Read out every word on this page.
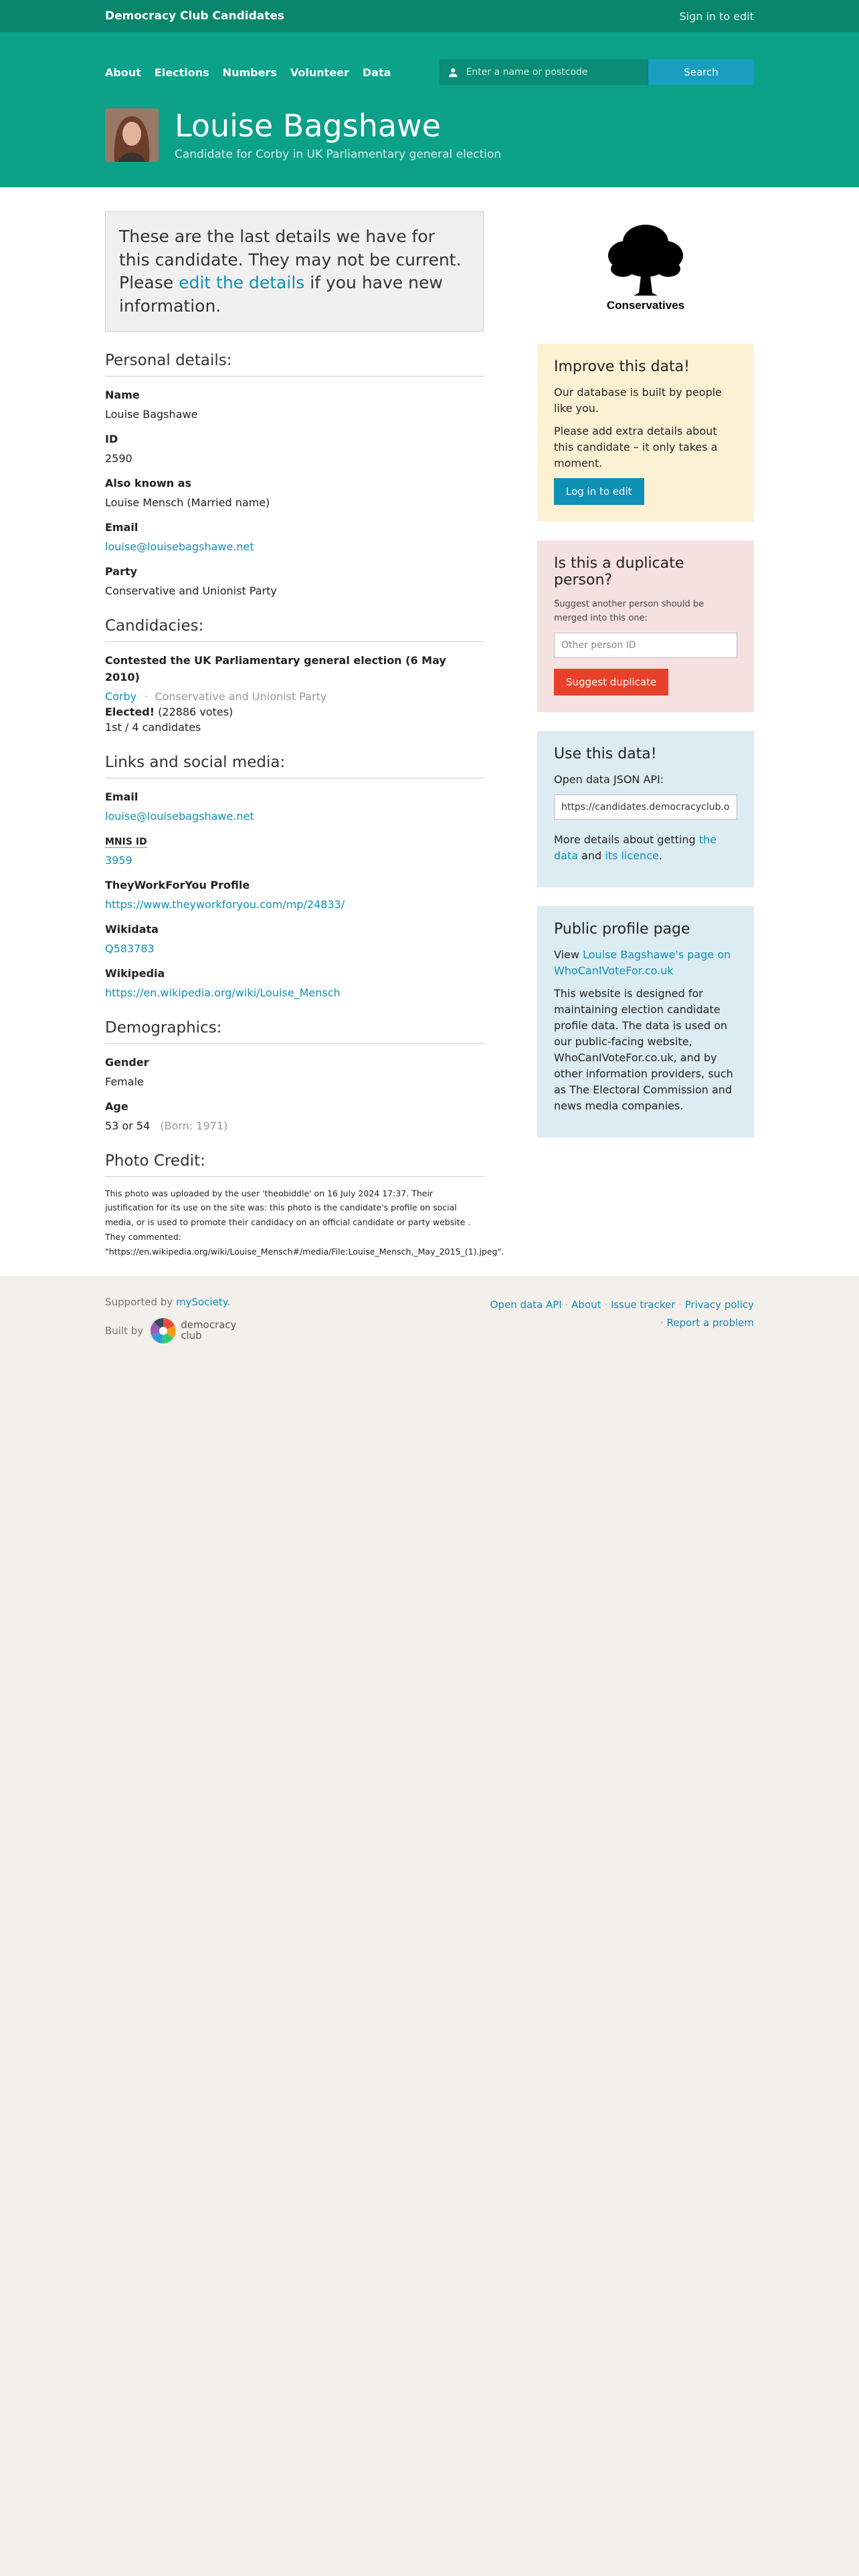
Democracy Club Candidates	Sign in to edit
About Elections Numbers Volunteer Data
Enter a name or postcode	Search
Louise Bagshawe
Candidate for Corby in UK Parliamentary general election
These are the last details we have for this candidate. They may not be current. Please edit the details if you have new information.
Personal details:
Name
Louise Bagshawe
ID
2590
Also known as
Louise Mensch (Married name)
Email
louise@louisebagshawe.net
Party
Conservative and Unionist Party
Candidacies:
Contested the UK Parliamentary general election (6 May 2010)
Corby · Conservative and Unionist Party
Elected! (22886 votes)
1st / 4 candidates
Links and social media:
Email
louise@louisebagshawe.net
MNIS ID
3959
TheyWorkForYou Profile
https://www.theyworkforyou.com/mp/24833/
Wikidata
Q583783
Wikipedia
https://en.wikipedia.org/wiki/Louise_Mensch
Demographics:
Gender
Female
Age
53 or 54 (Born: 1971)
Photo Credit:
This photo was uploaded by the user 'theobiddle' on 16 July 2024 17:37. Their justification for its use on the site was: this photo is the candidate's profile on social media, or is used to promote their candidacy on an official candidate or party website . They commented: "https://en.wikipedia.org/wiki/Louise_Mensch#/media/File:Louise_Mensch,_May_2015_(1).jpeg".
Conservatives
Improve this data!

Our database is built by people like you.

Please add extra details about this candidate – it only takes a moment.

Log in to edit
Is this a duplicate person?
Suggest another person should be merged into this one:
Other person ID Suggest duplicate
Use this data!

Open data JSON API:

https://candidates.democracyclub.org.uk/api/next/people/2590/

More details about getting the data and its licence.

Public profile page

View Louise Bagshawe's page on WhoCanIVoteFor.co.uk

This website is designed for maintaining election candidate profile data. The data is used on our public-facing website, WhoCanIVoteFor.co.uk, and by other information providers, such as The Electoral Commission and news media companies.

Supported by mySociety.
Built by	democracy
club
Open data API · About · Issue tracker · Privacy policy
· Report a problem
